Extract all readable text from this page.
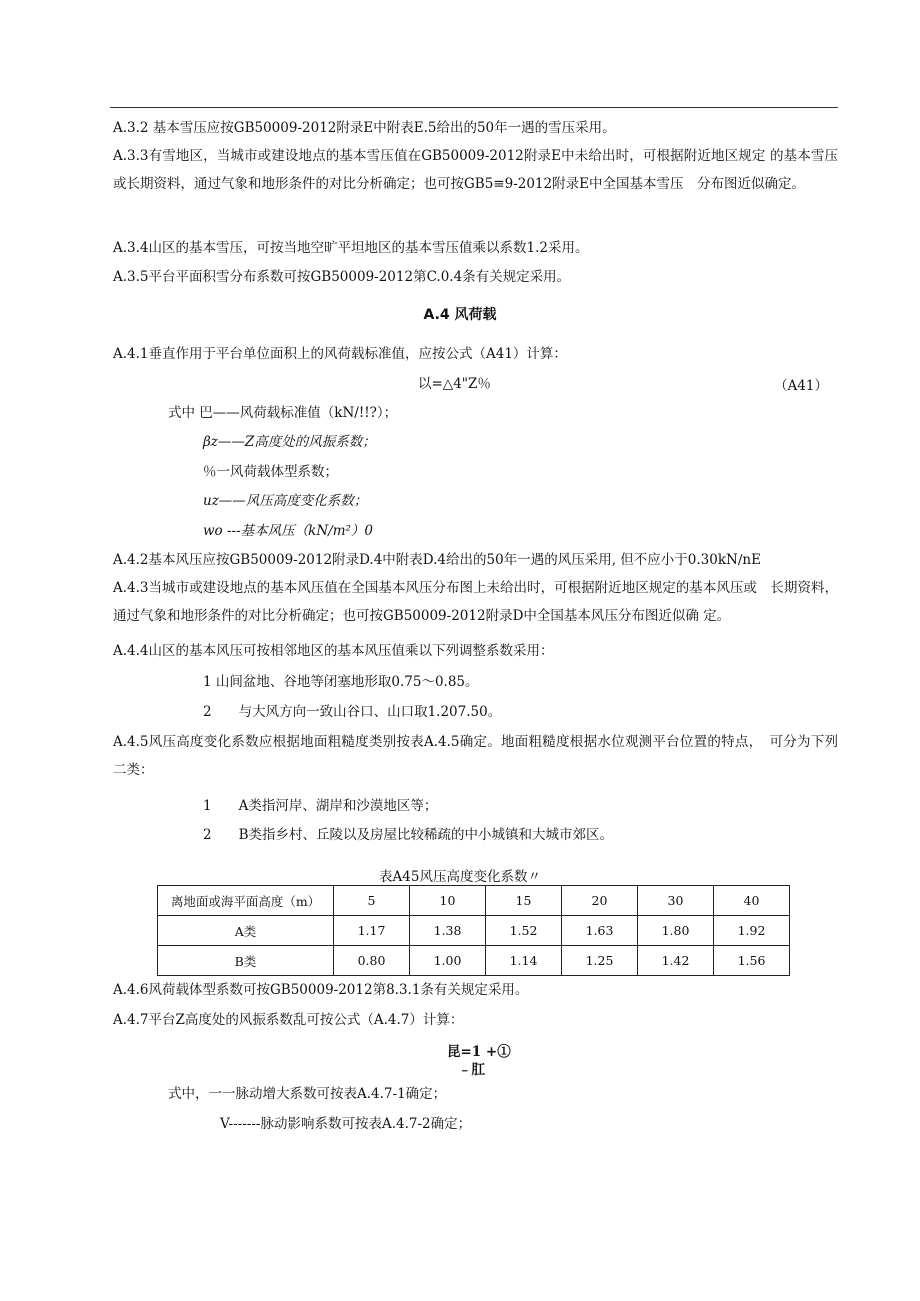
A.3.2 基本雪压应按GB50009-2012附录E中附表E.5给出的50年一遇的雪压采用。
A.3.3有雪地区，当城市或建设地点的基本雪压值在GB50009-2012附录E中未给出时，可根据附近地区规定 的基本雪压或长期资料，通过气象和地形条件的对比分析确定；也可按GB5≡9-2012附录E中全国基本雪压　分布图近似确定。
A.3.4山区的基本雪压，可按当地空旷平坦地区的基本雪压值乘以系数1.2采用。
A.3.5平台平面积雪分布系数可按GB50009-2012第C.0.4条有关规定采用。
A.4 风荷载
A.4.1垂直作用于平台单位面积上的风荷载标准值，应按公式（A41）计算：
以=△4"Z％	（A41）
式中 巴——风荷载标准值（kN/!!?）；
βz——Z高度处的风振系数；
％一风荷载体型系数；
uz——风压高度变化系数；
wo ---基本风压（kN∕m²）0
A.4.2基本风压应按GB50009-2012附录D.4中附表D.4给出的50年一遇的风压采用, 但不应小于0.30kN∕nE
A.4.3当城市或建设地点的基本风压值在全国基本风压分布图上未给出时，可根据附近地区规定的基本风压或　长期资料，通过气象和地形条件的对比分析确定；也可按GB50009-2012附录D中全国基本风压分布图近似确 定。
A.4.4山区的基本风压可按相邻地区的基本风压值乘以下列调整系数采用：
1 山间盆地、谷地等闭塞地形取0.75～0.85。
2　　与大风方向一致山谷口、山口取1.207.50。
A.4.5风压高度变化系数应根据地面粗糙度类别按表A.4.5确定。地面粗糙度根据水位观测平台位置的特点，　可分为下列二类：
1　　A类指河岸、湖岸和沙漠地区等；
2　　B类指乡村、丘陵以及房屋比较稀疏的中小城镇和大城市郊区。
表A45风压高度变化系数〃
离地面或海平面高度（m）	5	10	15	20	30	40
A类	1.17	1.38	1.52	1.63	1.80	1.92
B类	0.80	1.00	1.14	1.25	1.42	1.56
A.4.6风荷载体型系数可按GB50009-2012第8.3.1条有关规定采用。
A.4.7平台Z高度处的风振系数乱可按公式（A.4.7）计算：
昆=1 +①
﹣肛
式中，一一脉动增大系数可按表A.4.7-1确定；
V-------脉动影响系数可按表A.4.7-2确定；
